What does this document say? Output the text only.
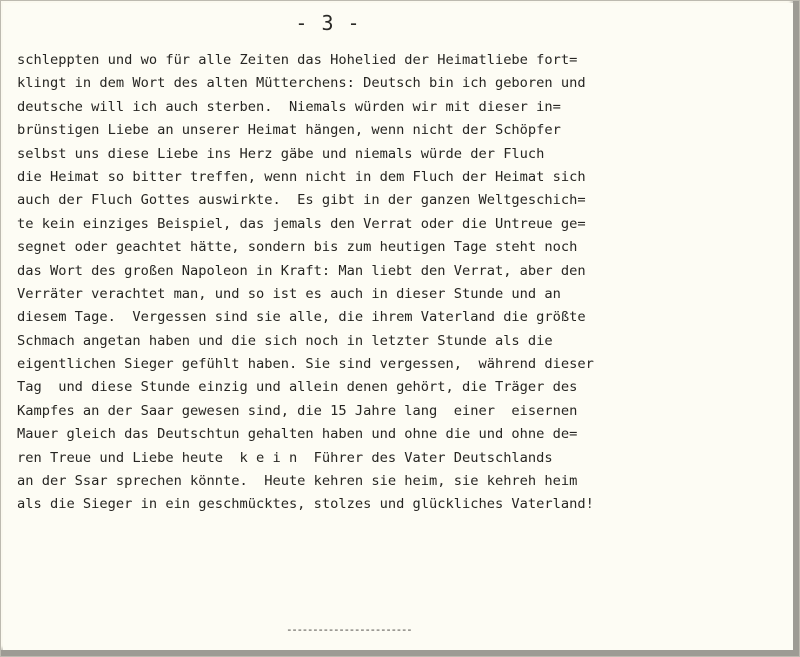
- 3 -
schleppten und wo für alle Zeiten das Hohelied der Heimatliebe fort=
klingt in dem Wort des alten Mütterchens: Deutsch bin ich geboren und
deutsche will ich auch sterben.  Niemals würden wir mit dieser in=
brünstigen Liebe an unserer Heimat hängen, wenn nicht der Schöpfer
selbst uns diese Liebe ins Herz gäbe und niemals würde der Fluch
die Heimat so bitter treffen, wenn nicht in dem Fluch der Heimat sich
auch der Fluch Gottes auswirkte.  Es gibt in der ganzen Weltgeschich=
te kein einziges Beispiel, das jemals den Verrat oder die Untreue ge=
segnet oder geachtet hätte, sondern bis zum heutigen Tage steht noch
das Wort des großen Napoleon in Kraft: Man liebt den Verrat, aber den
Verräter verachtet man, und so ist es auch in dieser Stunde und an
diesem Tage.  Vergessen sind sie alle, die ihrem Vaterland die größte
Schmach angetan haben und die sich noch in letzter Stunde als die
eigentlichen Sieger gefühlt haben. Sie sind vergessen,  während dieser
Tag  und diese Stunde einzig und allein denen gehört, die Träger des
Kampfes an der Saar gewesen sind, die 15 Jahre lang  einer  eisernen
Mauer gleich das Deutschtun gehalten haben und ohne die und ohne de=
ren Treue und Liebe heute  k e i n  Führer des Vater Deutschlands
an der Ssar sprechen könnte.  Heute kehren sie heim, sie kehreh heim
als die Sieger in ein geschmücktes, stolzes und glückliches Vaterland!
------------------------
